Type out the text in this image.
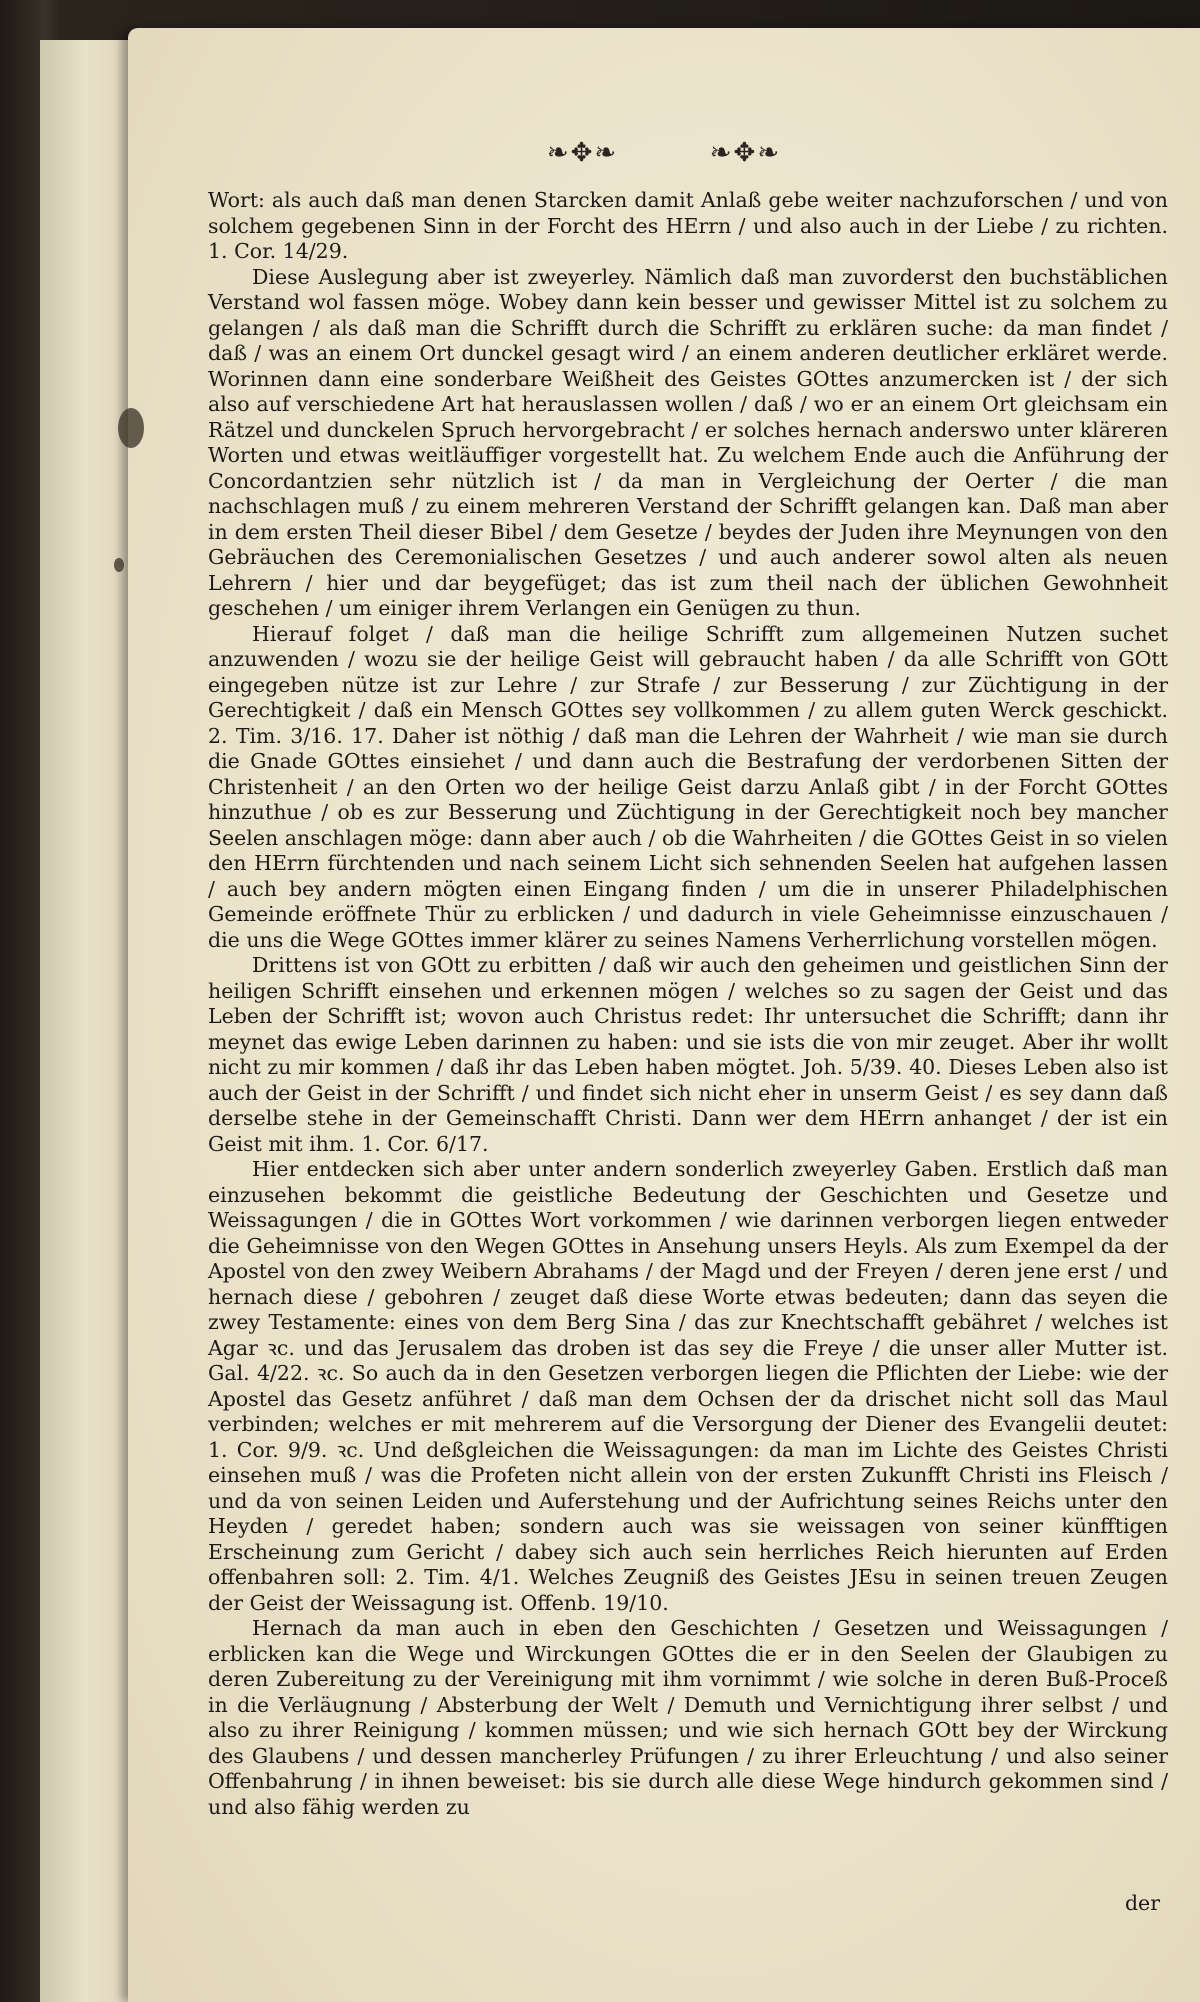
❧✥❧	❧✥❧

Wort: als auch daß man denen Starcken damit Anlaß gebe weiter nachzuforschen / und von solchem gegebenen Sinn in der Forcht des HErrn / und also auch in der Liebe / zu richten. 1. Cor. 14/29.

Diese Auslegung aber ist zweyerley. Nämlich daß man zuvorderst den buchstäblichen Verstand wol fassen möge. Wobey dann kein besser und gewisser Mittel ist zu solchem zu gelangen / als daß man die Schrifft durch die Schrifft zu erklären suche: da man findet / daß / was an einem Ort dunckel gesagt wird / an einem anderen deutlicher erkläret werde. Worinnen dann eine sonderbare Weißheit des Geistes GOttes anzumercken ist / der sich also auf verschiedene Art hat herauslassen wollen / daß / wo er an einem Ort gleichsam ein Rätzel und dunckelen Spruch hervorgebracht / er solches hernach anderswo unter kläreren Worten und etwas weitläuffiger vorgestellt hat. Zu welchem Ende auch die Anführung der Concordantzien sehr nützlich ist / da man in Vergleichung der Oerter / die man nachschlagen muß / zu einem mehreren Verstand der Schrifft gelangen kan. Daß man aber in dem ersten Theil dieser Bibel / dem Gesetze / beydes der Juden ihre Meynungen von den Gebräuchen des Ceremonialischen Gesetzes / und auch anderer sowol alten als neuen Lehrern / hier und dar beygefüget; das ist zum theil nach der üblichen Gewohnheit geschehen / um einiger ihrem Verlangen ein Genügen zu thun.

Hierauf folget / daß man die heilige Schrifft zum allgemeinen Nutzen suchet anzuwenden / wozu sie der heilige Geist will gebraucht haben / da alle Schrifft von GOtt eingegeben nütze ist zur Lehre / zur Strafe / zur Besserung / zur Züchtigung in der Gerechtigkeit / daß ein Mensch GOttes sey vollkommen / zu allem guten Werck geschickt. 2. Tim. 3/16. 17. Daher ist nöthig / daß man die Lehren der Wahrheit / wie man sie durch die Gnade GOttes einsiehet / und dann auch die Bestrafung der verdorbenen Sitten der Christenheit / an den Orten wo der heilige Geist darzu Anlaß gibt / in der Forcht GOttes hinzuthue / ob es zur Besserung und Züchtigung in der Gerechtigkeit noch bey mancher Seelen anschlagen möge: dann aber auch / ob die Wahrheiten / die GOttes Geist in so vielen den HErrn fürchtenden und nach seinem Licht sich sehnenden Seelen hat aufgehen lassen / auch bey andern mögten einen Eingang finden / um die in unserer Philadelphischen Gemeinde eröffnete Thür zu erblicken / und dadurch in viele Geheimnisse einzuschauen / die uns die Wege GOttes immer klärer zu seines Namens Verherrlichung vorstellen mögen.

Drittens ist von GOtt zu erbitten / daß wir auch den geheimen und geistlichen Sinn der heiligen Schrifft einsehen und erkennen mögen / welches so zu sagen der Geist und das Leben der Schrifft ist; wovon auch Christus redet: Ihr untersuchet die Schrifft; dann ihr meynet das ewige Leben darinnen zu haben: und sie ists die von mir zeuget. Aber ihr wollt nicht zu mir kommen / daß ihr das Leben haben mögtet. Joh. 5/39. 40. Dieses Leben also ist auch der Geist in der Schrifft / und findet sich nicht eher in unserm Geist / es sey dann daß derselbe stehe in der Gemeinschafft Christi. Dann wer dem HErrn anhanget / der ist ein Geist mit ihm. 1. Cor. 6/17.

Hier entdecken sich aber unter andern sonderlich zweyerley Gaben. Erstlich daß man einzusehen bekommt die geistliche Bedeutung der Geschichten und Gesetze und Weissagungen / die in GOttes Wort vorkommen / wie darinnen verborgen liegen entweder die Geheimnisse von den Wegen GOttes in Ansehung unsers Heyls. Als zum Exempel da der Apostel von den zwey Weibern Abrahams / der Magd und der Freyen / deren jene erst / und hernach diese / gebohren / zeuget daß diese Worte etwas bedeuten; dann das seyen die zwey Testamente: eines von dem Berg Sina / das zur Knechtschafft gebähret / welches ist Agar ꝛc. und das Jerusalem das droben ist das sey die Freye / die unser aller Mutter ist. Gal. 4/22. ꝛc. So auch da in den Gesetzen verborgen liegen die Pflichten der Liebe: wie der Apostel das Gesetz anführet / daß man dem Ochsen der da drischet nicht soll das Maul verbinden; welches er mit mehrerem auf die Versorgung der Diener des Evangelii deutet: 1. Cor. 9/9. ꝛc. Und deßgleichen die Weissagungen: da man im Lichte des Geistes Christi einsehen muß / was die Profeten nicht allein von der ersten Zukunfft Christi ins Fleisch / und da von seinen Leiden und Auferstehung und der Aufrichtung seines Reichs unter den Heyden / geredet haben; sondern auch was sie weissagen von seiner künfftigen Erscheinung zum Gericht / dabey sich auch sein herrliches Reich hierunten auf Erden offenbahren soll: 2. Tim. 4/1. Welches Zeugniß des Geistes JEsu in seinen treuen Zeugen der Geist der Weissagung ist. Offenb. 19/10.

Hernach da man auch in eben den Geschichten / Gesetzen und Weissagungen / erblicken kan die Wege und Wirckungen GOttes die er in den Seelen der Glaubigen zu deren Zubereitung zu der Vereinigung mit ihm vornimmt / wie solche in deren Buß-Proceß in die Verläugnung / Absterbung der Welt / Demuth und Vernichtigung ihrer selbst / und also zu ihrer Reinigung / kommen müssen; und wie sich hernach GOtt bey der Wirckung des Glaubens / und dessen mancherley Prüfungen / zu ihrer Erleuchtung / und also seiner Offenbahrung / in ihnen beweiset: bis sie durch alle diese Wege hindurch gekommen sind / und also fähig werden zu

der
